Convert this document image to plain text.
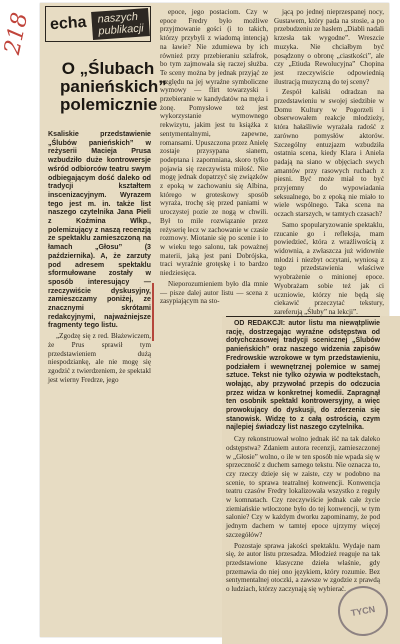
218 echa naszych
publikacji
O „Ślubach panieńskich” polemicznie

Ksaliskie przedstawienie „Ślubów panieńskich” w reżyserii Macieja Prusa wzbudziło duże kontrowersje wśród odbiorców teatru swym odbiegającym dość daleko od tradycji kształtem inscenizacyjnym. Wyrazem tego jest m. in. także list naszego czytelnika Jana Pieli z Koźmina Wlkp., polemizujący z naszą recenzją ze spektaklu zamieszczoną na łamach „Głosu” (3 października). A, że zarzuty pod adresem spektaklu sformułowane zostały w sposób interesujący — rzeczywiście dyskusyjny, zamieszczamy poniżej, ze znacznymi skrótami redakcyjnymi, najważniejsze fragmenty tego listu.

„Zgodzę się z red. Błażewiczem, że Prus sprawił tym przedstawieniem dużą niespodziankę, ale nie mogę się zgodzić z twierdzeniem, że spektakl jest wierny Fredrze, jego

epoce, jego postaciom. Czy w epoce Fredry było możliwe przyjmowanie gości (i to takich, którzy przybyli z wiadomą intencją) na ławie? Nie zdumiewa by ich również przy przebieraniu szlafrok, bo tym zajmowała się raczej służba. Te sceny można by jednak przyjąć ze względu na jej wyraźne symboliczne wymowy — flirt towarzyski i przebieranie w kandydatów na męża i żonę. Pomysłowe też jest wykorzystanie wymownego rekwizytu, jakim jest tu książka z sentymentalnymi, zapewne, romansami. Upuszczona przez Anielę zostaje przysypana sianem, podeptana i zapomniana, skoro tylko pojawia się rzeczywista miłość. Nie mogę jednak dopatrzyć się związków z epoką w zachowaniu się Albina, którego w groteskowy sposób wyraża, trochę się przed paniami w uroczystej pozie ze nogą w chwili. Był to mile rozwiązanie przez reżyserię lecz w zachowanie w czasie rozmowy. Miotanie się po scenie i to w wieku tego salonu, tak poważnej materii, jaką jest pani Dobrójska, traci wyraźnie grotęskę i to bardzo niedziesięca.

Nieporozumieniem było dla mnie — pisze dalej autor listu — scena z zasypiającym na sto-

jącą po jednej nieprzespanej nocy, Gustawem, który pada na stosie, a po przebudzeniu ze hasłem „Diabli nadali krzesła tak wygodne”. Wreszcie muzyka. Nie chciałbym być posądzony o obronę „ciastkości”, ale czy „Etiuda Rewolucyjna” Chopina jest rzeczywiście odpowiednią ilustracją muzyczną do tej sceny?

Zespół kaliski odradzan na przedstawieniu w swojej siedzibie w Domu Kultury w Pogorzeli i obserwowałem reakcje młodzieży, która hałaśliwie wyrażała radość z zarówno pomysłów aktorów. Szczególny entuzjazm wzbudziła ostatnia scena, kiedy Klara i Aniela padają na siano w objęciach swych amantów przy rasowych ruchach z piesni. Być może miał to być przyjemny do wypowiadania seksualnego, bo z epoką nie miało to wiele wspólnego. Taka scena na oczach starszych, w tamtych czasach?

Samo spopularyzowanie spektaklu, rzucanie go i refleksja, mam powiedzieć, która z wrażliwością z widownia, a zwłaszcza już widownie młodzi i niezbyt oczytani, wyniosą z tego przedstawienia właściwe wyobrażenie o minionej epoce. Wyobrażam sobie też jak ci uczniowie, którzy nie będą się ciekawić przeczytać tekstury, zareferują „Śluby” na lekcji”.

OD REDAKCJI: autor listu ma niewątpliwie rację, dostrzegając wyraźne odstępstwa od dotychczasowej tradycji scenicznej „Ślubów panieńskich” oraz naszego widzenia zapisów Fredrowskie wzrokowe w tym przedstawieniu, podziałem i wewnętrznej polemice w samej sztuce. Tekst nie tylko ożywia w podtekstach, wołając, aby przywołać przepis do odczucia przez widza w konkretnej komedii. Zapragnął ten osobnik spektakl kontrowersyjny, a więc prowokujący do dyskusji, do zderzenia się stanowisk. Widzę to z całą ostrością, czym najlepiej świadczy list naszego czytelnika.

Czy rekonstruował wolno jednak iść na tak daleko odstępstwa? Zdaniem autora recenzji, zamieszczonej w „Głosie” wolno, o ile w ten sposób nie wpada się w sprzeczność z duchem samego tekstu. Nie oznacza to, czy rzeczy dzieje się w zaiste, czy w podobno na scenie, to sprawa teatralnej konwencji. Konwencja teatru czasów Fredry lokalizowała wszystko z reguły w komnatach. Czy rzeczywiście jednak całe życie ziemiańskie wtłoczone było do tej konwencji, w tym salonie? Czy w każdym dworku zapominamy, że pod jednym dachem w tamtej epoce ujrzymy więcej szczegółów?

Pozostaje sprawa jakości spektaklu. Wydaje nam się, że autor listu przesadza. Młodzież reaguje na tak przedstawione klasyczne dzieła właśnie, gdy przemawia do niej ono językiem, który rozumie. Bez sentymentalnej otoczki, a zawsze w zgodzie z prawdą o ludziach, którzy zaczynają się wybierać.

TYCN
